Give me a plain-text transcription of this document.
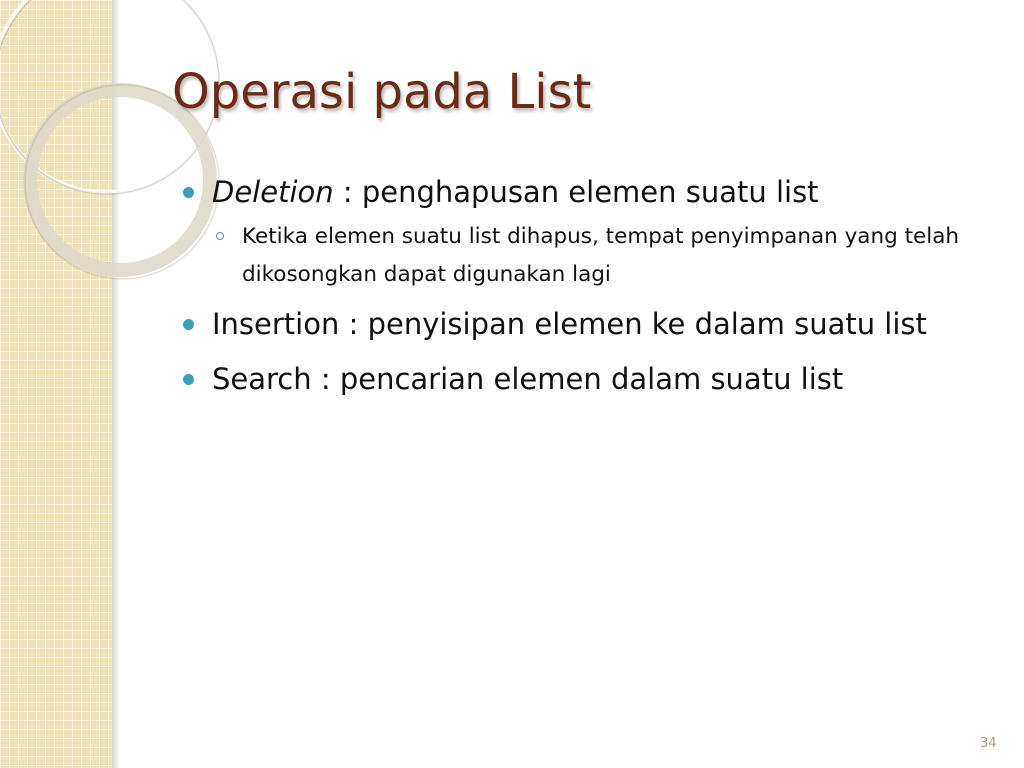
Operasi pada List
Deletion : penghapusan elemen suatu list
Ketika elemen suatu list dihapus, tempat penyimpanan yang telah dikosongkan dapat digunakan lagi
Insertion : penyisipan elemen ke dalam suatu list
Search : pencarian elemen dalam suatu list
34
